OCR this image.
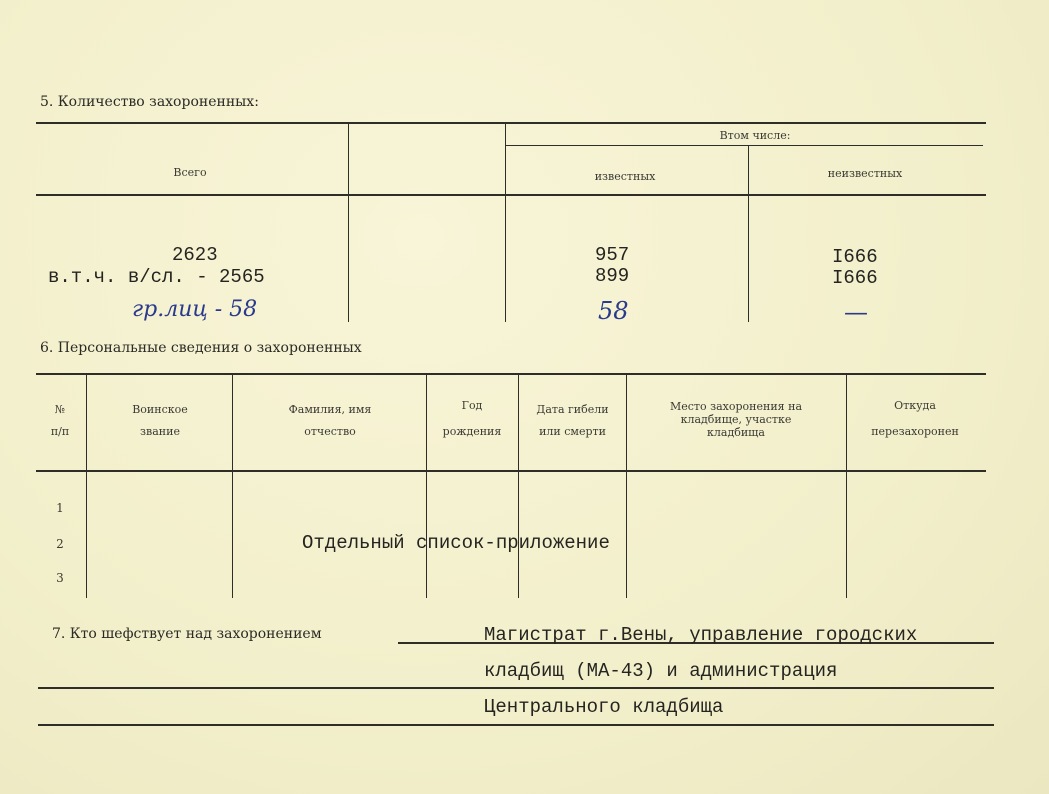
5. Количество захороненных:
Всего
Втом числе:
известных	неизвестных
2623
в.т.ч. в/сл. - 2565
гр.лиц - 58
957
899
58
I666
I666
—
6. Персональные сведения о захороненных
№
п/п
Воинское
звание
Фамилия, имя
отчество
Год
рождения
Дата гибели
или смерти
Место захоронения на
кладбище, участке
кладбища
Откуда
перезахоронен
1
2
3
Отдельный список-приложение
7. Кто шефствует над захоронением	Магистрат г.Вены, управление городских
кладбищ (МА-43) и администрация
Центрального кладбища
